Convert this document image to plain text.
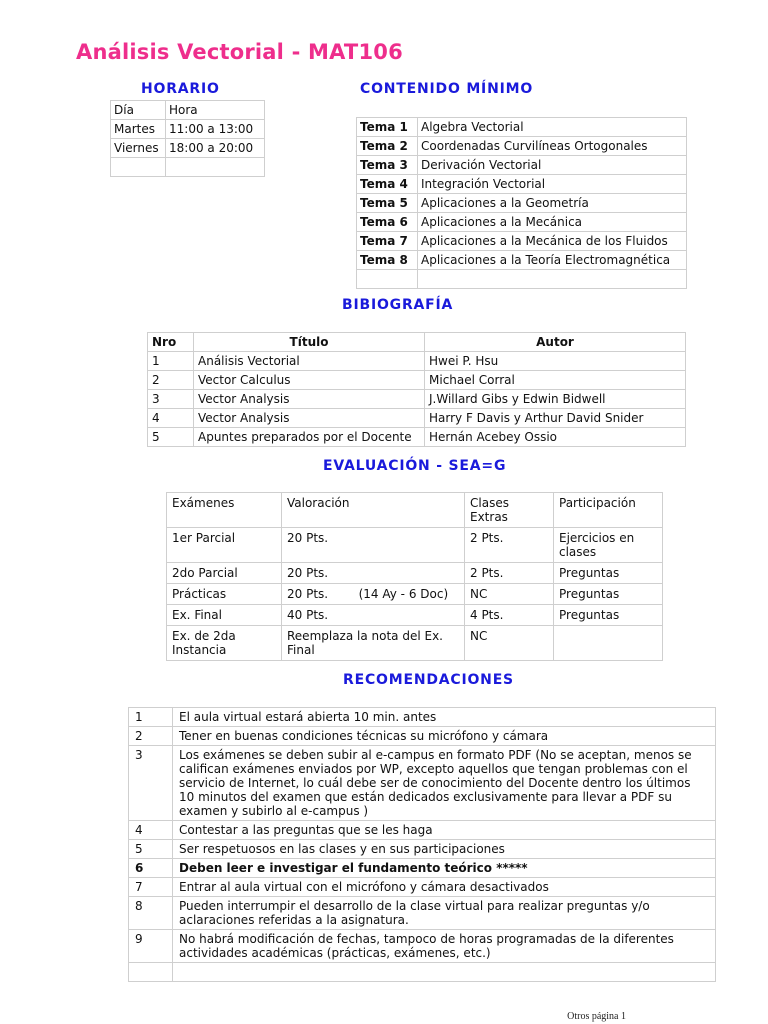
Análisis Vectorial - MAT106
HORARIO
Día	Hora
Martes	11:00 a 13:00
Viernes	18:00 a 20:00

CONTENIDO MÍNIMO
Tema 1	Algebra Vectorial
Tema 2	Coordenadas Curvilíneas Ortogonales
Tema 3	Derivación Vectorial
Tema 4	Integración Vectorial
Tema 5	Aplicaciones a la Geometría
Tema 6	Aplicaciones a la Mecánica
Tema 7	Aplicaciones a la Mecánica de los Fluidos
Tema 8	Aplicaciones a la Teoría Electromagnética

BIBIOGRAFÍA
Nro	Título	Autor
1	Análisis Vectorial	Hwei P. Hsu
2	Vector Calculus	Michael Corral
3	Vector Analysis	J.Willard Gibs y Edwin Bidwell
4	Vector Analysis	Harry F Davis y Arthur David Snider
5	Apuntes preparados por el Docente	Hernán Acebey Ossio
EVALUACIÓN - SEA=G
Exámenes	Valoración	Clases Extras	Participación
1er Parcial	20 Pts.	2 Pts.	Ejercicios en clases
2do Parcial	20 Pts.	2 Pts.	Preguntas
Prácticas	20 Pts.        (14 Ay - 6 Doc)	NC	Preguntas
Ex. Final	40 Pts.	4 Pts.	Preguntas
Ex. de 2da Instancia	Reemplaza la nota del Ex. Final	NC	
RECOMENDACIONES
1	El aula virtual estará abierta 10 min. antes
2	Tener en buenas condiciones técnicas su micrófono y cámara
3	Los exámenes se deben subir al e-campus en formato PDF (No se aceptan, menos se califican exámenes enviados por WP, excepto aquellos que tengan problemas con el servicio de Internet, lo cuál debe ser de conocimiento del Docente dentro los últimos 10 minutos del examen que están dedicados exclusivamente para llevar a PDF su examen y subirlo al e-campus )
4	Contestar a las preguntas que se les haga
5	Ser respetuosos en las clases y en sus participaciones
6	Deben leer e investigar el fundamento teórico *****
7	Entrar al aula virtual con el micrófono y cámara desactivados
8	Pueden interrumpir el desarrollo de la clase virtual para realizar preguntas y/o aclaraciones referidas a la asignatura.
9	No habrá modificación de fechas, tampoco de horas programadas de la diferentes actividades académicas (prácticas, exámenes, etc.)

Otros página 1
